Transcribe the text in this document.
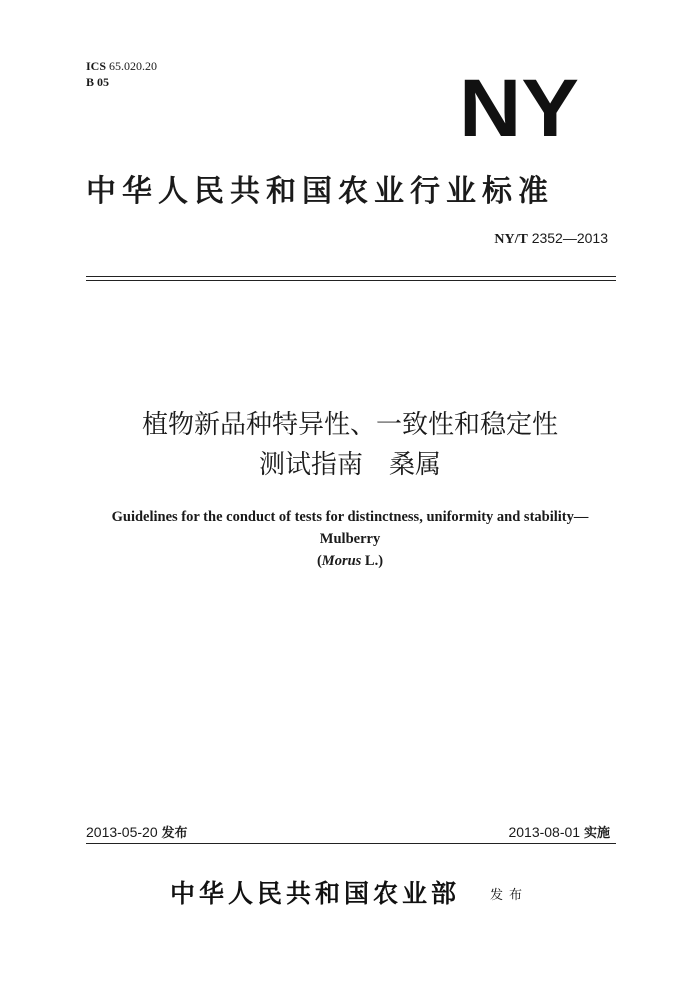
ICS 65.020.20
B 05	NY
中华人民共和国农业行业标准
NY/T 2352—2013
植物新品种特异性、一致性和稳定性
测试指南　桑属
Guidelines for the conduct of tests for distinctness, uniformity and stability—
Mulberry
(Morus L.)
2013-05-20 发布	2013-08-01 实施
中华人民共和国农业部 发布
